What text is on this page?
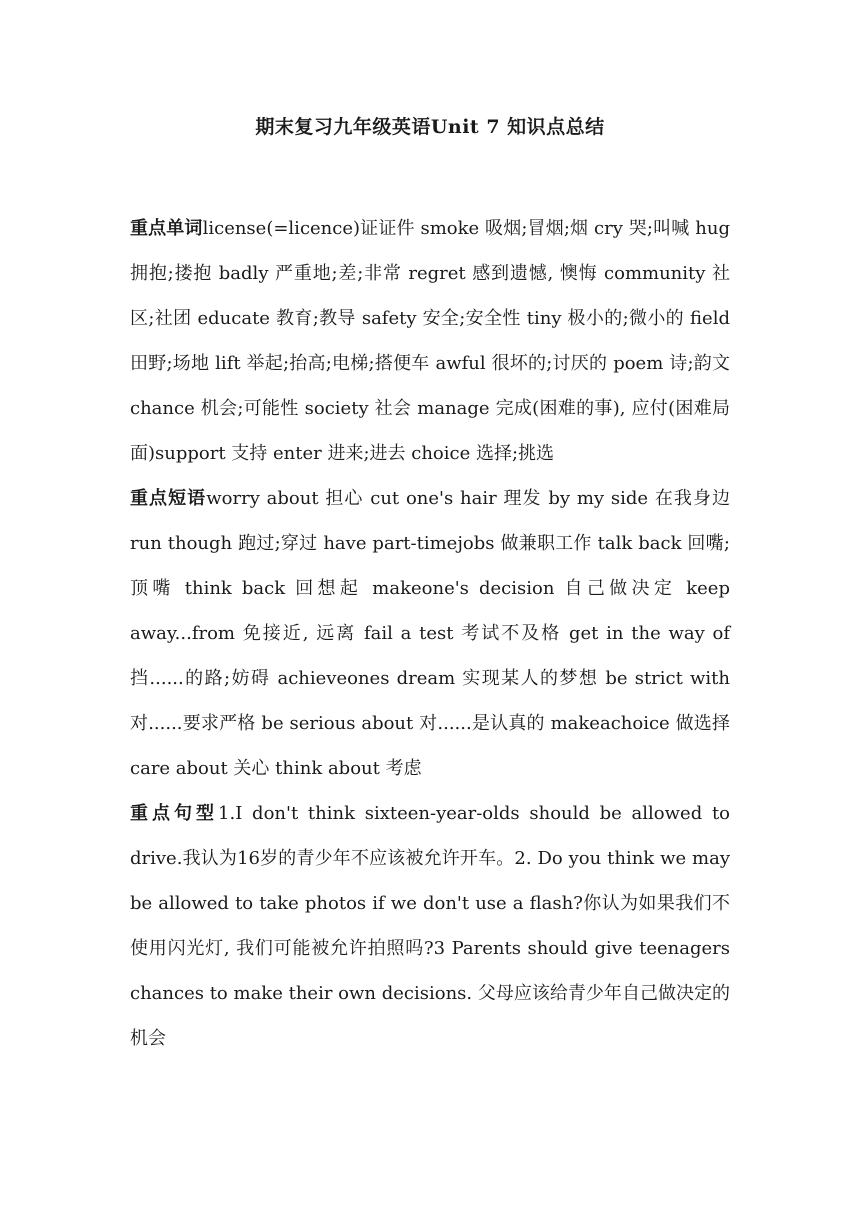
期末复习九年级英语Unit 7 知识点总结

重点单词license(=licence)证证件 smoke 吸烟;冒烟;烟 cry 哭;叫喊 hug 拥抱;搂抱 badly 严重地;差;非常 regret 感到遗憾, 懊悔 community 社区;社团 educate 教育;教导 safety 安全;安全性 tiny 极小的;微小的 field 田野;场地 lift 举起;抬高;电梯;搭便车 awful 很坏的;讨厌的 poem 诗;韵文 chance 机会;可能性 society 社会 manage 完成(困难的事), 应付(困难局面)support 支持 enter 进来;进去 choice 选择;挑选

重点短语worry about 担心 cut one's hair 理发 by my side 在我身边 run though 跑过;穿过 have part-timejobs 做兼职工作 talk back 回嘴;顶嘴 think back 回想起 makeone's decision 自己做决定 keep away...from 免接近, 远离 fail a test 考试不及格 get in the way of 挡......的路;妨碍 achieveones dream 实现某人的梦想 be strict with 对......要求严格 be serious about 对......是认真的 makeachoice 做选择 care about 关心 think about 考虑

重点句型1.I don't think sixteen-year-olds should be allowed to drive.我认为16岁的青少年不应该被允许开车。2. Do you think we may be allowed to take photos if we don't use a flash?你认为如果我们不使用闪光灯, 我们可能被允许拍照吗?3 Parents should give teenagers chances to make their own decisions. 父母应该给青少年自己做决定的机会
